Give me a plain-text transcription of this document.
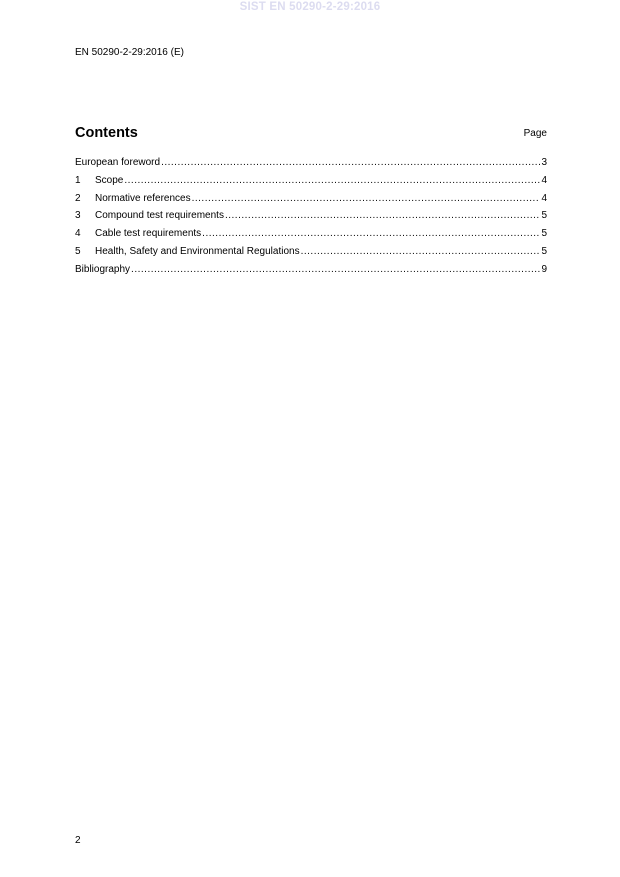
SIST EN 50290-2-29:2016
EN 50290-2-29:2016 (E)
Contents	Page
European foreword .....	3
1	Scope .....	4
2	Normative references .....	4
3	Compound test requirements .....	5
4	Cable test requirements .....	5
5	Health, Safety and Environmental Regulations .....	5
Bibliography .....	9
2
